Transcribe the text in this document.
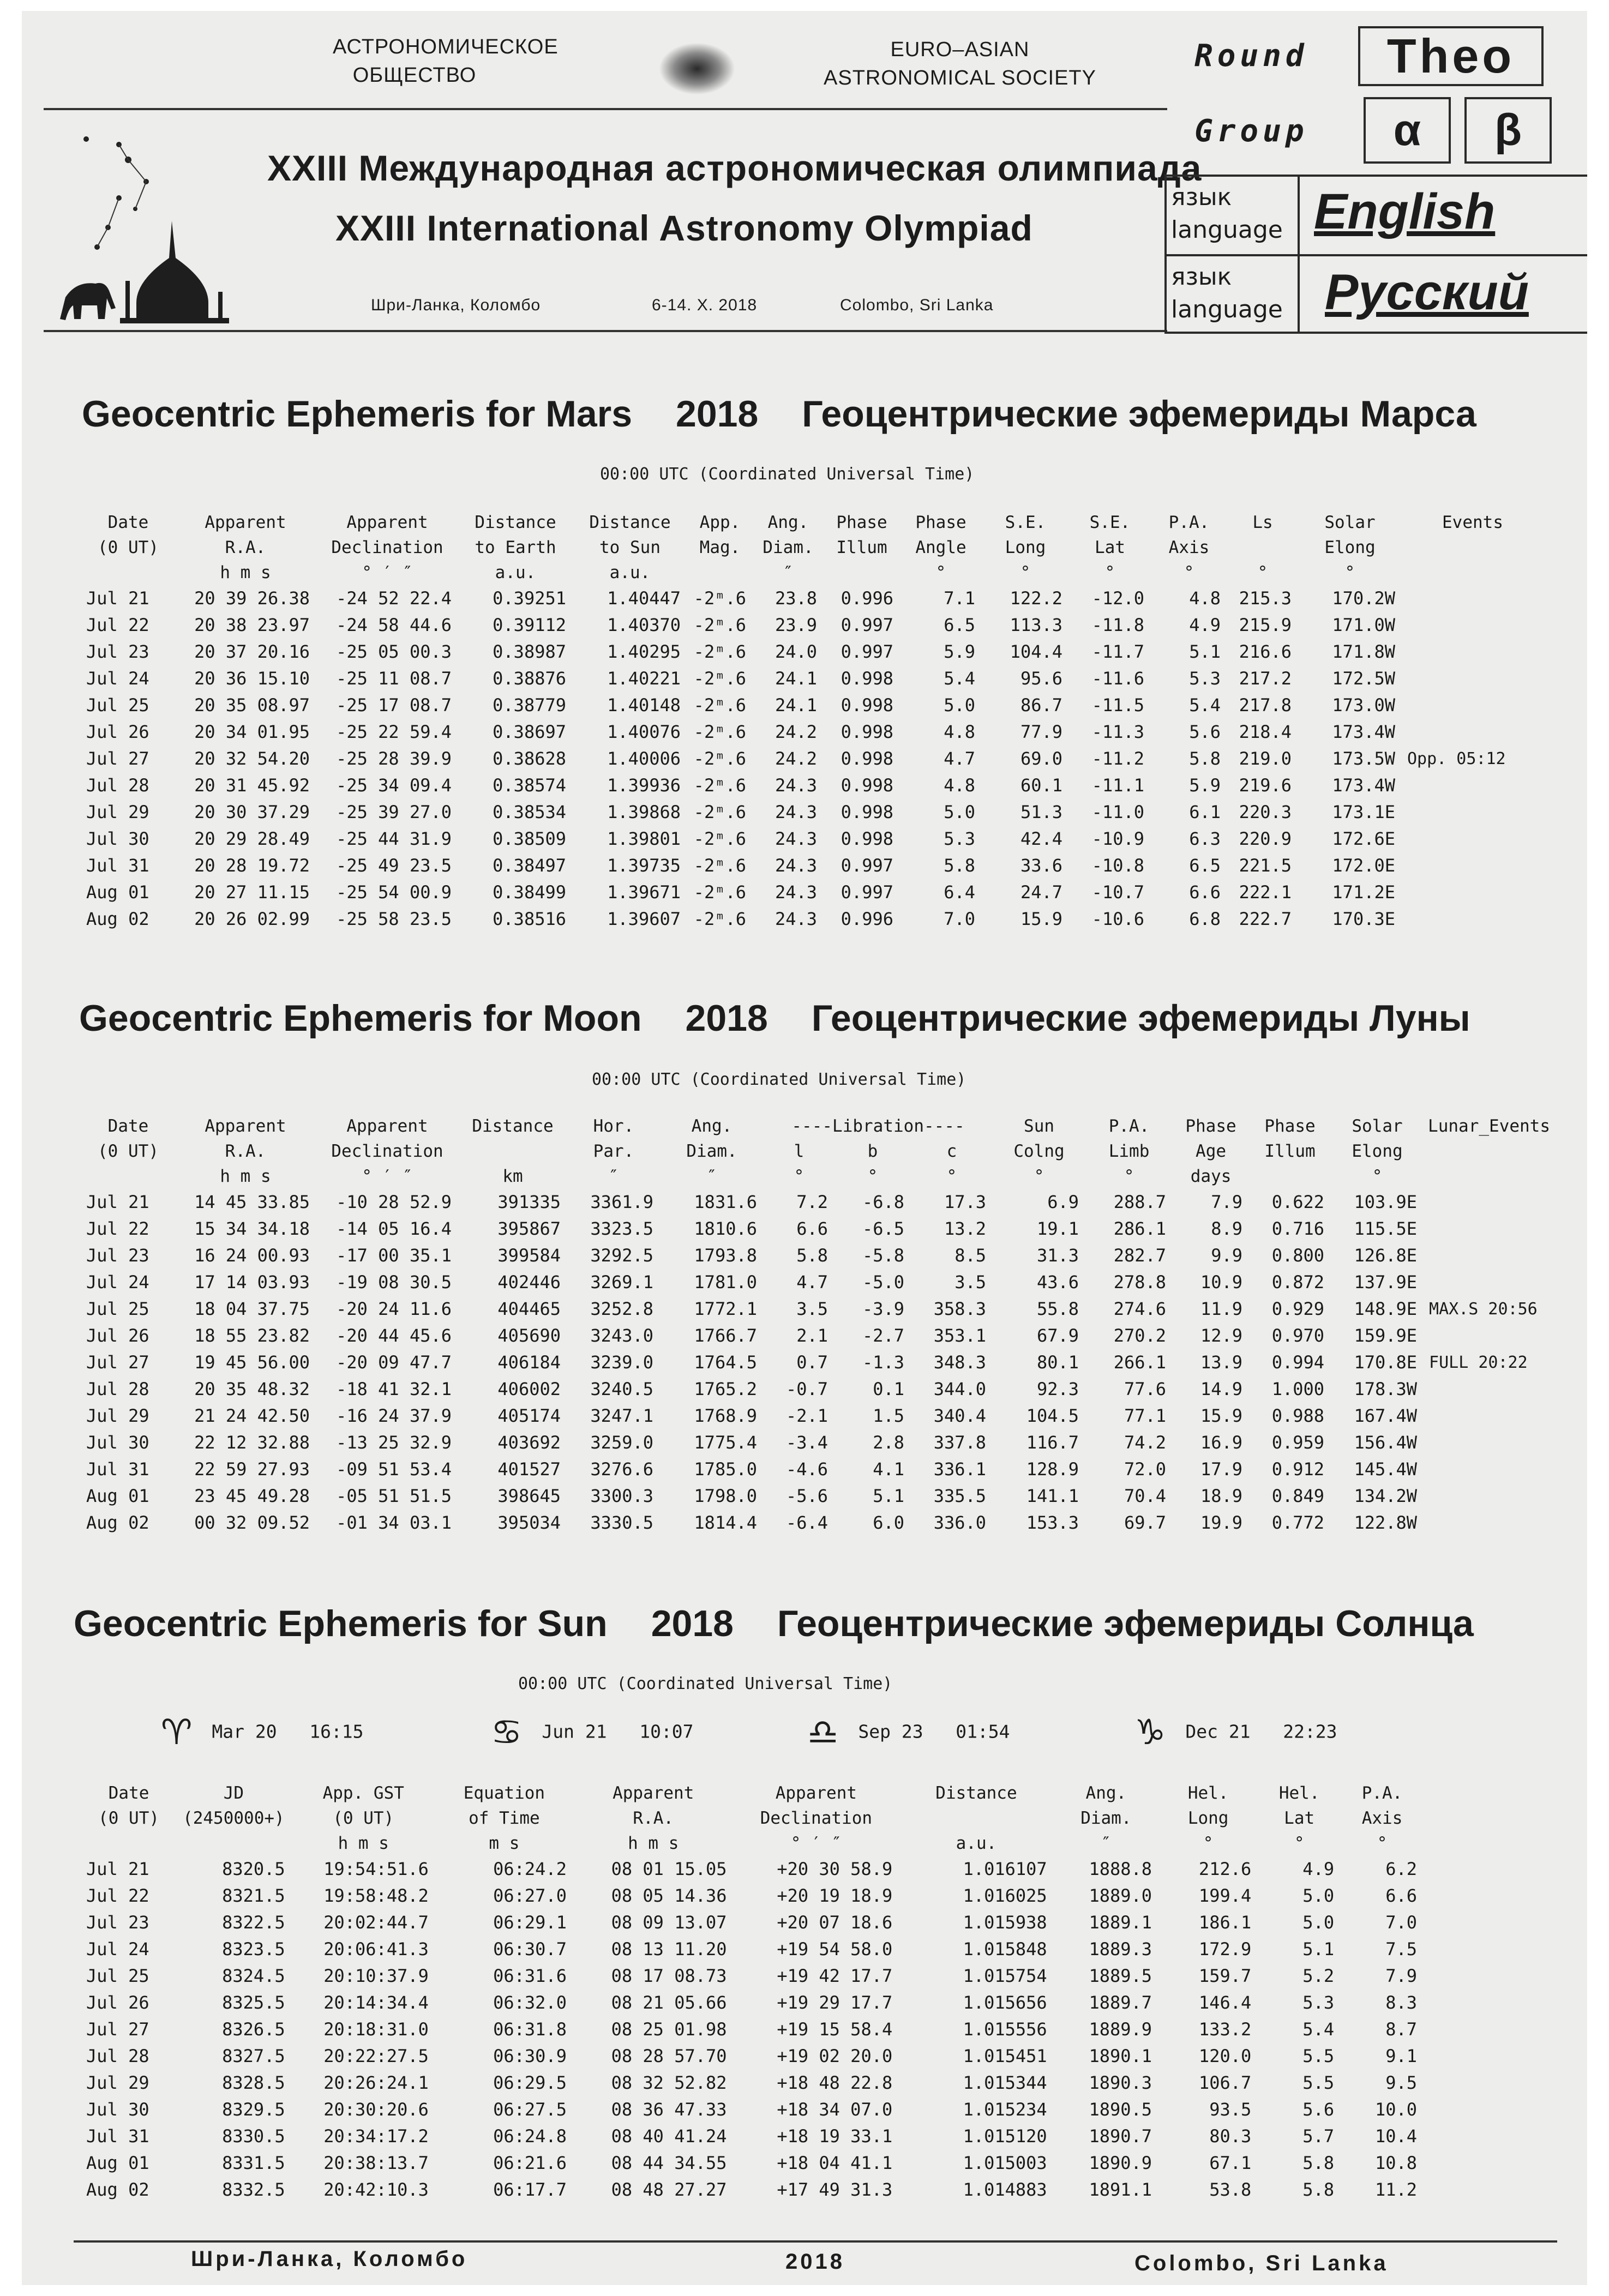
АСТРОНОМИЧЕСКОЕ
ОБЩЕСТВО
EURO–ASIAN
ASTRONOMICAL SOCIETY
XXIII Международная астрономическая олимпиада
XXIII International Astronomy Olympiad
Шри-Ланка, Коломбо	6-14. X. 2018	Colombo, Sri Lanka
Round	Theo
Group	α	β
язык
language English
язык
language Русский
Geocentric Ephemeris for Mars 2018 Геоцентрические эфемериды Марса
00:00 UTC (Coordinated Universal Time)
Date	Apparent	Apparent	Distance	Distance	App.	Ang.	Phase	Phase	S.E.	S.E.	P.A.	Ls	Solar	Events
(0 UT)	R.A.	Declination	to Earth	to Sun	Mag.	Diam.	Illum	Angle	Long	Lat	Axis		Elong	
	h m s	° ′ ″	a.u.	a.u.		″		°	°	°	°	°	°	
Jul 21	20 39 26.38	-24 52 22.4	0.39251	1.40447	-2ᵐ.6	23.8	0.996	7.1	122.2	-12.0	4.8	215.3	170.2W	
Jul 22	20 38 23.97	-24 58 44.6	0.39112	1.40370	-2ᵐ.6	23.9	0.997	6.5	113.3	-11.8	4.9	215.9	171.0W	
Jul 23	20 37 20.16	-25 05 00.3	0.38987	1.40295	-2ᵐ.6	24.0	0.997	5.9	104.4	-11.7	5.1	216.6	171.8W	
Jul 24	20 36 15.10	-25 11 08.7	0.38876	1.40221	-2ᵐ.6	24.1	0.998	5.4	95.6	-11.6	5.3	217.2	172.5W	
Jul 25	20 35 08.97	-25 17 08.7	0.38779	1.40148	-2ᵐ.6	24.1	0.998	5.0	86.7	-11.5	5.4	217.8	173.0W	
Jul 26	20 34 01.95	-25 22 59.4	0.38697	1.40076	-2ᵐ.6	24.2	0.998	4.8	77.9	-11.3	5.6	218.4	173.4W	
Jul 27	20 32 54.20	-25 28 39.9	0.38628	1.40006	-2ᵐ.6	24.2	0.998	4.7	69.0	-11.2	5.8	219.0	173.5W	Opp. 05:12
Jul 28	20 31 45.92	-25 34 09.4	0.38574	1.39936	-2ᵐ.6	24.3	0.998	4.8	60.1	-11.1	5.9	219.6	173.4W	
Jul 29	20 30 37.29	-25 39 27.0	0.38534	1.39868	-2ᵐ.6	24.3	0.998	5.0	51.3	-11.0	6.1	220.3	173.1E	
Jul 30	20 29 28.49	-25 44 31.9	0.38509	1.39801	-2ᵐ.6	24.3	0.998	5.3	42.4	-10.9	6.3	220.9	172.6E	
Jul 31	20 28 19.72	-25 49 23.5	0.38497	1.39735	-2ᵐ.6	24.3	0.997	5.8	33.6	-10.8	6.5	221.5	172.0E	
Aug 01	20 27 11.15	-25 54 00.9	0.38499	1.39671	-2ᵐ.6	24.3	0.997	6.4	24.7	-10.7	6.6	222.1	171.2E	
Aug 02	20 26 02.99	-25 58 23.5	0.38516	1.39607	-2ᵐ.6	24.3	0.996	7.0	15.9	-10.6	6.8	222.7	170.3E	
Geocentric Ephemeris for Moon 2018 Геоцентрические эфемериды Луны
00:00 UTC (Coordinated Universal Time)
Date	Apparent	Apparent	Distance	Hor.	Ang.	----Libration----			Sun	P.A.	Phase	Phase	Solar	Lunar_Events
(0 UT)	R.A.	Declination		Par.	Diam.	l	b	c	Colng	Limb	Age	Illum	Elong	
	h m s	° ′ ″	km	″	″	°	°	°	°	°	days		°	
Jul 21	14 45 33.85	-10 28 52.9	391335	3361.9	1831.6	7.2	-6.8	17.3	6.9	288.7	7.9	0.622	103.9E	
Jul 22	15 34 34.18	-14 05 16.4	395867	3323.5	1810.6	6.6	-6.5	13.2	19.1	286.1	8.9	0.716	115.5E	
Jul 23	16 24 00.93	-17 00 35.1	399584	3292.5	1793.8	5.8	-5.8	8.5	31.3	282.7	9.9	0.800	126.8E	
Jul 24	17 14 03.93	-19 08 30.5	402446	3269.1	1781.0	4.7	-5.0	3.5	43.6	278.8	10.9	0.872	137.9E	
Jul 25	18 04 37.75	-20 24 11.6	404465	3252.8	1772.1	3.5	-3.9	358.3	55.8	274.6	11.9	0.929	148.9E	MAX.S 20:56
Jul 26	18 55 23.82	-20 44 45.6	405690	3243.0	1766.7	2.1	-2.7	353.1	67.9	270.2	12.9	0.970	159.9E	
Jul 27	19 45 56.00	-20 09 47.7	406184	3239.0	1764.5	0.7	-1.3	348.3	80.1	266.1	13.9	0.994	170.8E	FULL 20:22
Jul 28	20 35 48.32	-18 41 32.1	406002	3240.5	1765.2	-0.7	0.1	344.0	92.3	77.6	14.9	1.000	178.3W	
Jul 29	21 24 42.50	-16 24 37.9	405174	3247.1	1768.9	-2.1	1.5	340.4	104.5	77.1	15.9	0.988	167.4W	
Jul 30	22 12 32.88	-13 25 32.9	403692	3259.0	1775.4	-3.4	2.8	337.8	116.7	74.2	16.9	0.959	156.4W	
Jul 31	22 59 27.93	-09 51 53.4	401527	3276.6	1785.0	-4.6	4.1	336.1	128.9	72.0	17.9	0.912	145.4W	
Aug 01	23 45 49.28	-05 51 51.5	398645	3300.3	1798.0	-5.6	5.1	335.5	141.1	70.4	18.9	0.849	134.2W	
Aug 02	00 32 09.52	-01 34 03.1	395034	3330.5	1814.4	-6.4	6.0	336.0	153.3	69.7	19.9	0.772	122.8W	
Geocentric Ephemeris for Sun 2018 Геоцентрические эфемериды Солнца
00:00 UTC (Coordinated Universal Time)
♈ Mar 20 16:15	♋ Jun 21 10:07	♎ Sep 23 01:54	♑ Dec 21 22:23
Date	JD	App. GST	Equation	Apparent	Apparent	Distance	Ang.	Hel.	Hel.	P.A.
(0 UT)	(2450000+)	(0 UT)	of Time	R.A.	Declination		Diam.	Long	Lat	Axis
		h m s	m s	h m s	° ′ ″	a.u.	″	°	°	°
Jul 21	8320.5	19:54:51.6	06:24.2	08 01 15.05	+20 30 58.9	1.016107	1888.8	212.6	4.9	6.2
Jul 22	8321.5	19:58:48.2	06:27.0	08 05 14.36	+20 19 18.9	1.016025	1889.0	199.4	5.0	6.6
Jul 23	8322.5	20:02:44.7	06:29.1	08 09 13.07	+20 07 18.6	1.015938	1889.1	186.1	5.0	7.0
Jul 24	8323.5	20:06:41.3	06:30.7	08 13 11.20	+19 54 58.0	1.015848	1889.3	172.9	5.1	7.5
Jul 25	8324.5	20:10:37.9	06:31.6	08 17 08.73	+19 42 17.7	1.015754	1889.5	159.7	5.2	7.9
Jul 26	8325.5	20:14:34.4	06:32.0	08 21 05.66	+19 29 17.7	1.015656	1889.7	146.4	5.3	8.3
Jul 27	8326.5	20:18:31.0	06:31.8	08 25 01.98	+19 15 58.4	1.015556	1889.9	133.2	5.4	8.7
Jul 28	8327.5	20:22:27.5	06:30.9	08 28 57.70	+19 02 20.0	1.015451	1890.1	120.0	5.5	9.1
Jul 29	8328.5	20:26:24.1	06:29.5	08 32 52.82	+18 48 22.8	1.015344	1890.3	106.7	5.5	9.5
Jul 30	8329.5	20:30:20.6	06:27.5	08 36 47.33	+18 34 07.0	1.015234	1890.5	93.5	5.6	10.0
Jul 31	8330.5	20:34:17.2	06:24.8	08 40 41.24	+18 19 33.1	1.015120	1890.7	80.3	5.7	10.4
Aug 01	8331.5	20:38:13.7	06:21.6	08 44 34.55	+18 04 41.1	1.015003	1890.9	67.1	5.8	10.8
Aug 02	8332.5	20:42:10.3	06:17.7	08 48 27.27	+17 49 31.3	1.014883	1891.1	53.8	5.8	11.2
Шри-Ланка, Коломбо	2018	Colombo, Sri Lanka
